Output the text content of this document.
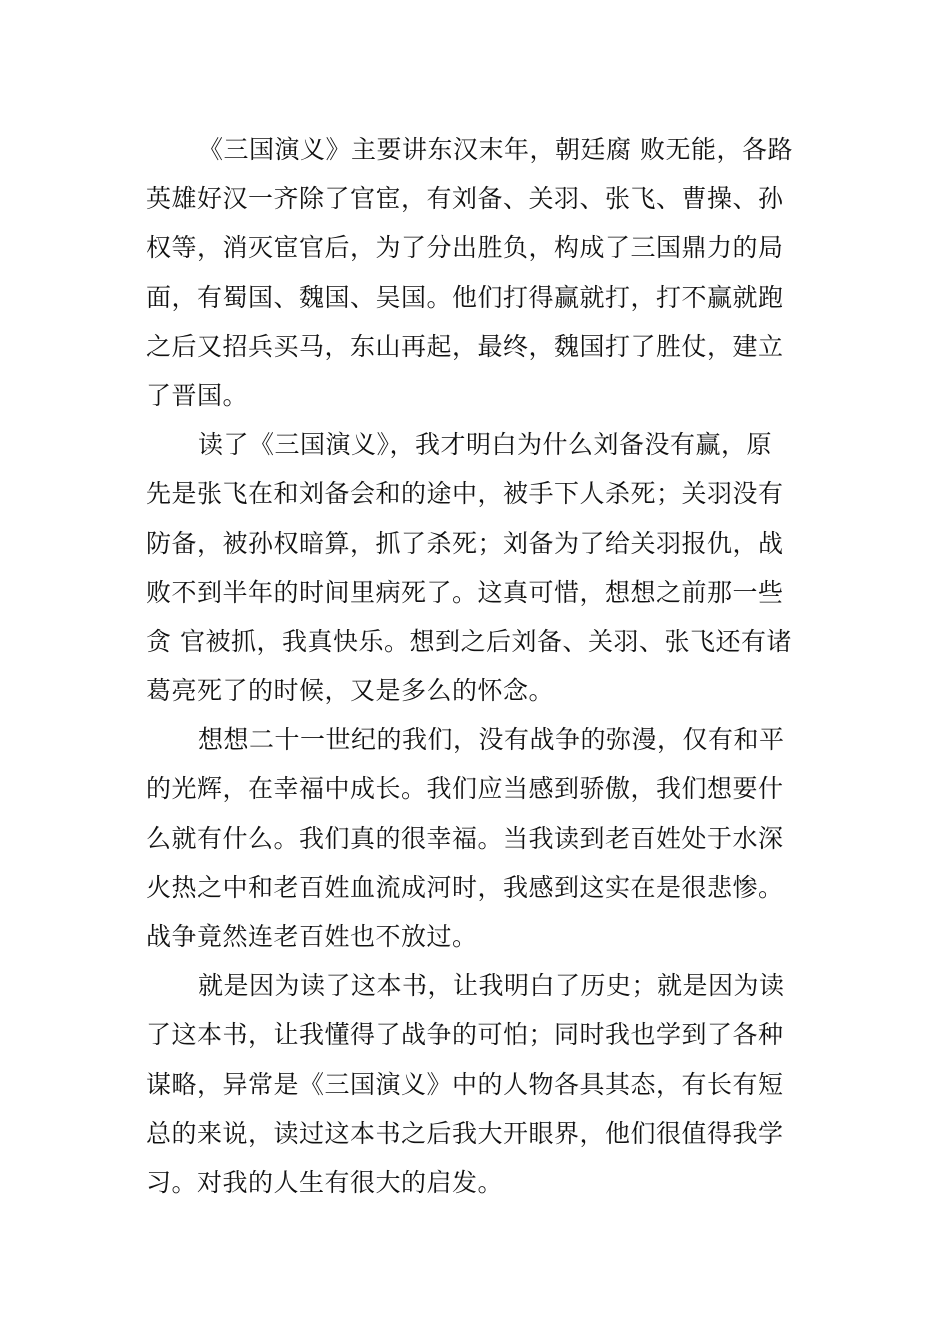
《三国演义》主要讲东汉末年，朝廷腐 败无能，各路
英雄好汉一齐除了官宦，有刘备、关羽、张飞、曹操、孙
权等，消灭宦官后，为了分出胜负，构成了三国鼎力的局
面，有蜀国、魏国、吴国。他们打得赢就打，打不赢就跑
之后又招兵买马，东山再起，最终，魏国打了胜仗，建立
了晋国。
读了《三国演义》，我才明白为什么刘备没有赢，原
先是张飞在和刘备会和的途中，被手下人杀死；关羽没有
防备，被孙权暗算，抓了杀死；刘备为了给关羽报仇，战
败不到半年的时间里病死了。这真可惜，想想之前那一些
贪 官被抓，我真快乐。想到之后刘备、关羽、张飞还有诸
葛亮死了的时候，又是多么的怀念。
想想二十一世纪的我们，没有战争的弥漫，仅有和平
的光辉，在幸福中成长。我们应当感到骄傲，我们想要什
么就有什么。我们真的很幸福。当我读到老百姓处于水深
火热之中和老百姓血流成河时，我感到这实在是很悲惨。
战争竟然连老百姓也不放过。
就是因为读了这本书，让我明白了历史；就是因为读
了这本书，让我懂得了战争的可怕；同时我也学到了各种
谋略，异常是《三国演义》中的人物各具其态，有长有短
总的来说，读过这本书之后我大开眼界，他们很值得我学
习。对我的人生有很大的启发。
